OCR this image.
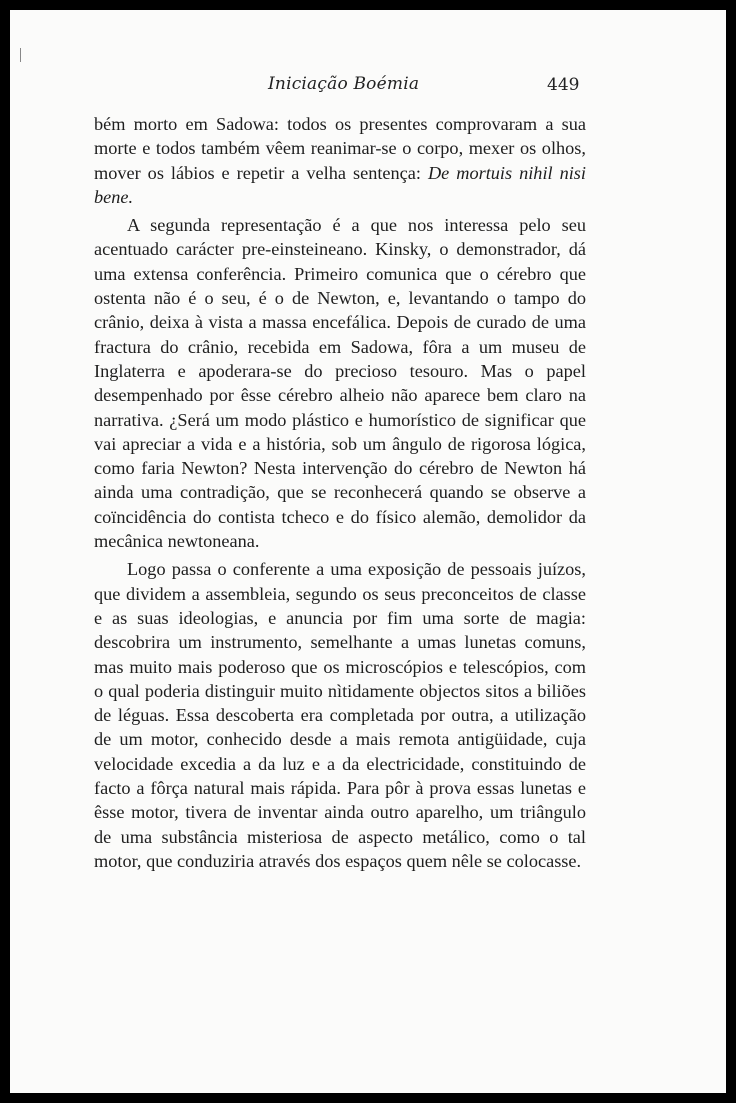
Iniciação Boémia	449

bém morto em Sadowa: todos os presentes comprovaram a sua morte e todos também vêem reanimar-se o corpo, mexer os olhos, mover os lábios e repetir a velha sentença: De mortuis nihil nisi bene.

A segunda representação é a que nos interessa pelo seu acentuado carácter pre-einsteineano. Kinsky, o demonstrador, dá uma extensa conferência. Primeiro comunica que o cérebro que ostenta não é o seu, é o de Newton, e, levantando o tampo do crânio, deixa à vista a massa encefálica. Depois de curado de uma fractura do crânio, recebida em Sadowa, fôra a um museu de Inglaterra e apoderara-se do precioso tesouro. Mas o papel desempenhado por êsse cérebro alheio não aparece bem claro na narrativa. ¿Será um modo plástico e humorístico de significar que vai apreciar a vida e a história, sob um ângulo de rigorosa lógica, como faria Newton? Nesta intervenção do cérebro de Newton há ainda uma contradição, que se reconhecerá quando se observe a coïncidência do contista tcheco e do físico alemão, demolidor da mecânica newtoneana.

Logo passa o conferente a uma exposição de pessoais juízos, que dividem a assembleia, segundo os seus preconceitos de classe e as suas ideologias, e anuncia por fim uma sorte de magia: descobrira um instrumento, semelhante a umas lunetas comuns, mas muito mais poderoso que os microscópios e telescópios, com o qual poderia distinguir muito nìtidamente objectos sitos a biliões de léguas. Essa descoberta era completada por outra, a utilização de um motor, conhecido desde a mais remota antigüidade, cuja velocidade excedia a da luz e a da electricidade, constituindo de facto a fôrça natural mais rápida. Para pôr à prova essas lunetas e êsse motor, tivera de inventar ainda outro aparelho, um triângulo de uma substância misteriosa de aspecto metálico, como o tal motor, que conduziria através dos espaços quem nêle se colocasse.
